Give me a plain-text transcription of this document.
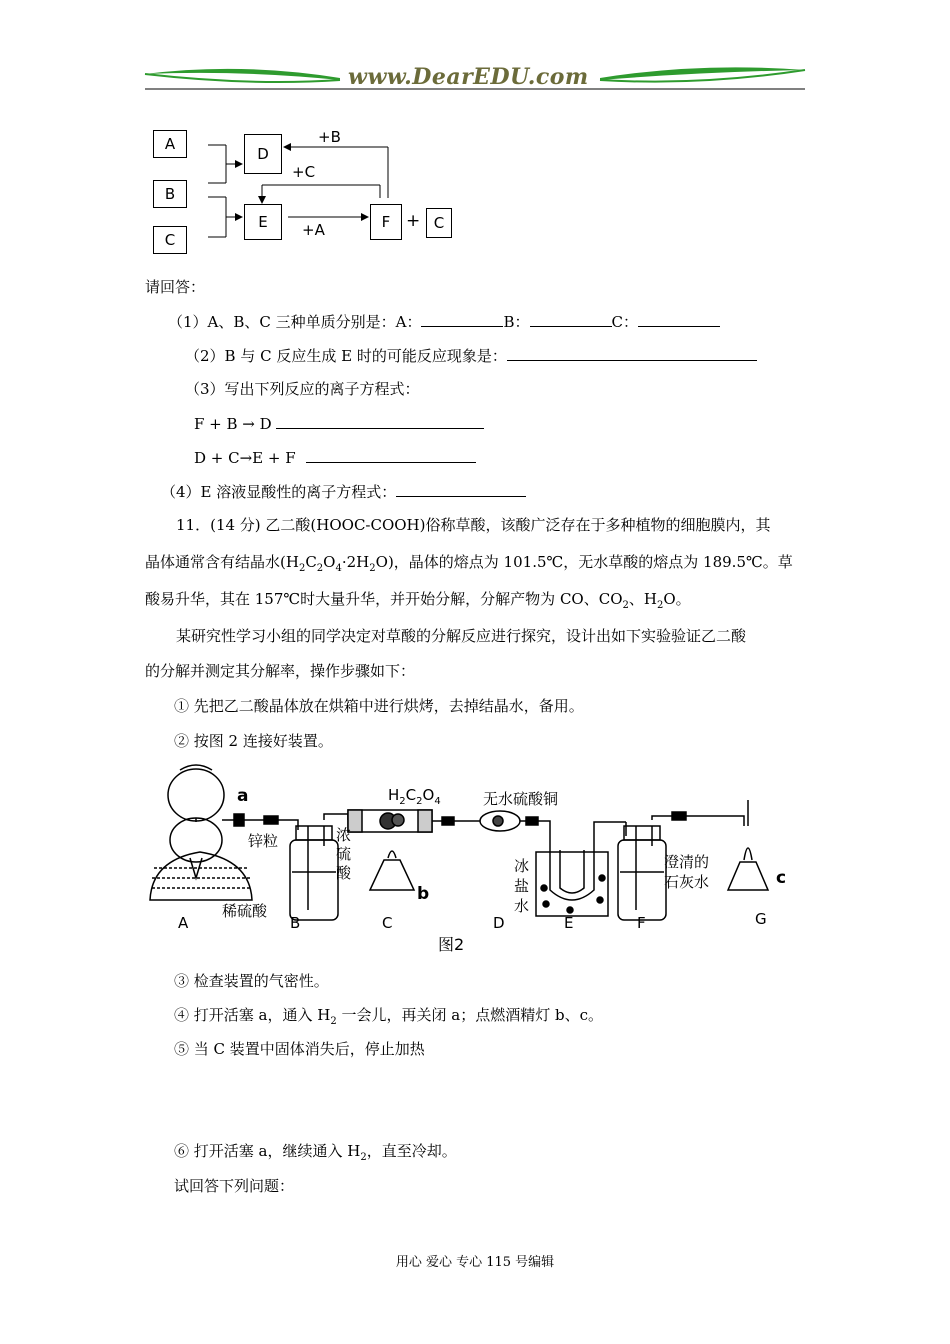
www.DearEDU.com
A
B
C
D
E	F	C
+B
+C
+A	+
请回答：
（1）A、B、C 三种单质分别是：A：	B：	C：
（2）B 与 C 反应生成 E 时的可能反应现象是：
（3）写出下列反应的离子方程式：
F + B → D
D + C→E + F
（4）E 溶液显酸性的离子方程式：
11．(14 分) 乙二酸(HOOC-COOH)俗称草酸，该酸广泛存在于多种植物的细胞膜内，其
晶体通常含有结晶水$(H_2C_2O_4\cdot 2H_2O)$，晶体的熔点为 101.5℃，无水草酸的熔点为 189.5℃。草
酸易升华，其在 157℃时大量升华，并开始分解，分解产物为 CO、$CO_2$、$H_2O$。
某研究性学习小组的同学决定对草酸的分解反应进行探究，设计出如下实验验证乙二酸
的分解并测定其分解率，操作步骤如下：
① 先把乙二酸晶体放在烘箱中进行烘烤，去掉结晶水，备用。
② 按图 2 连接好装置。
a
锌粒
稀硫酸
浓
硫
酸
$H_2C_2O_4$	无水硫酸铜
冰
盐
水
澄清的
石灰水
b
c
A	B	C	D	E	F	G
图2
③ 检查装置的气密性。
④ 打开活塞 a，通入 $H_2$ 一会儿，再关闭 a；点燃酒精灯 b、c。
⑤ 当 C 装置中固体消失后，停止加热
⑥ 打开活塞 a，继续通入 $H_2$，直至冷却。
试回答下列问题：
用心 爱心 专心 115 号编辑
